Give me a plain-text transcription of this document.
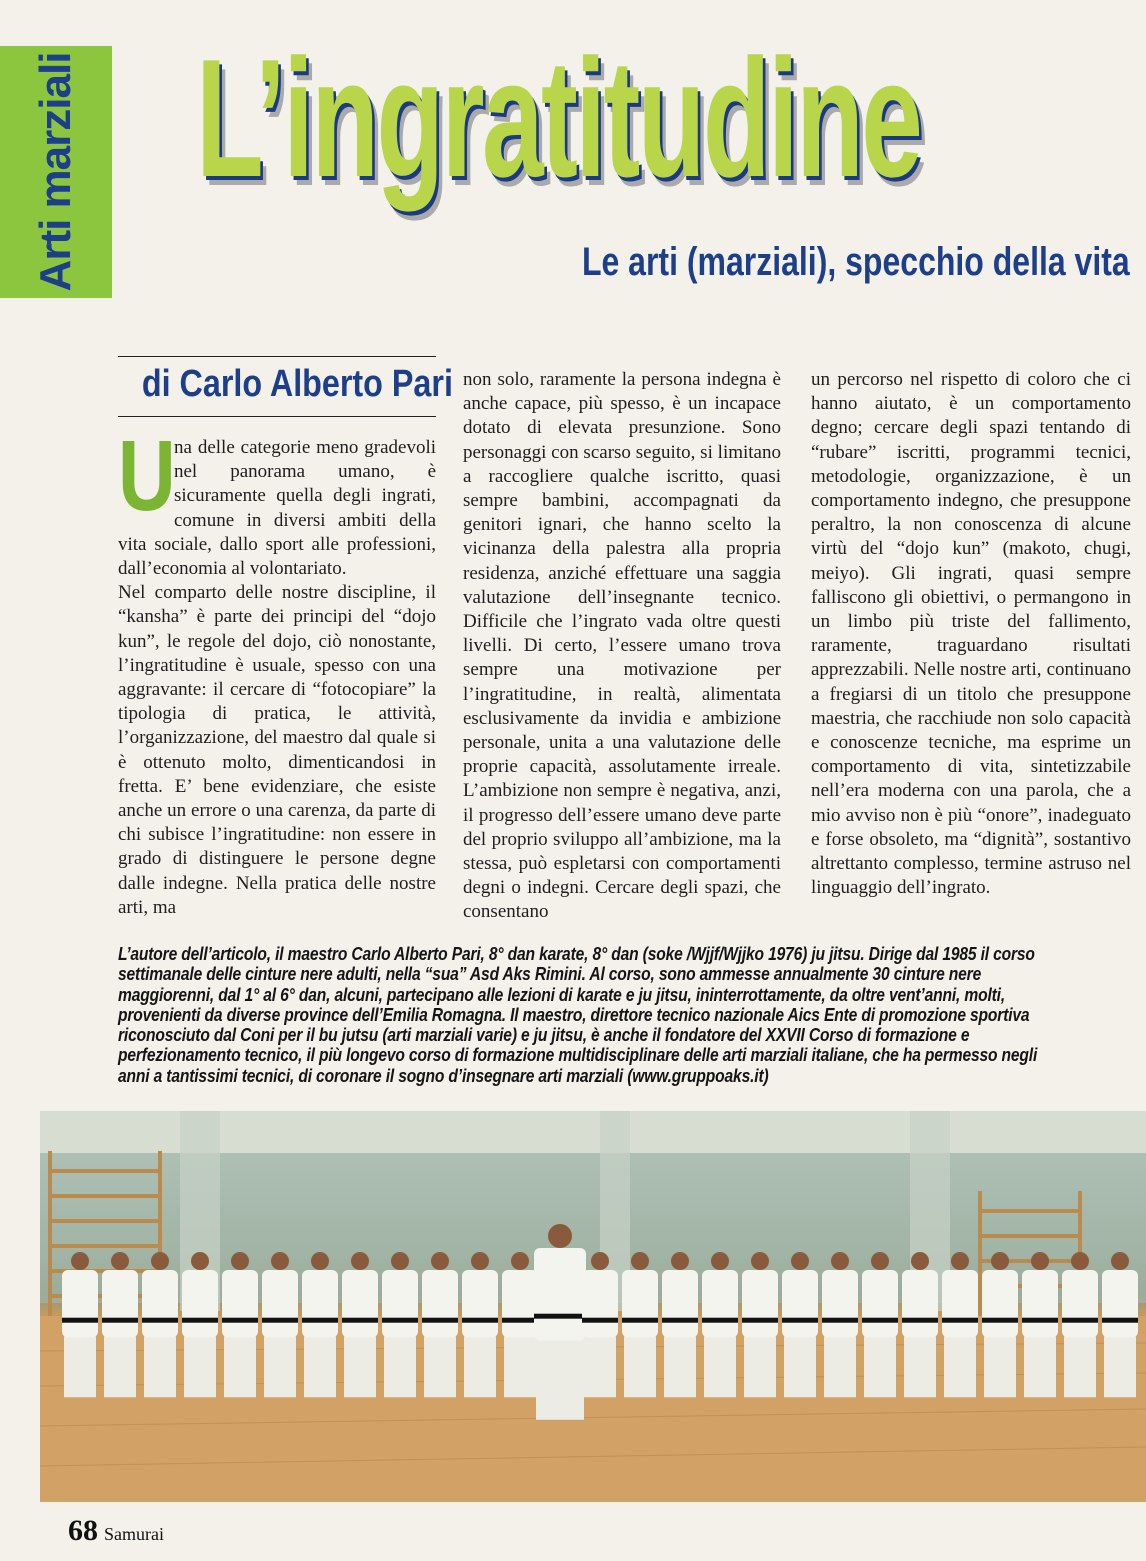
Arti marziali L’ingratitudine
Le arti (marziali), specchio della vita

di Carlo Alberto Pari

U

na delle categorie meno gradevoli nel panorama umano, è sicuramente quella degli ingrati, comune in diversi ambiti della vita sociale, dallo sport alle professioni, dall’economia al volontariato.

Nel comparto delle nostre discipline, il “kansha” è parte dei principi del “dojo kun”, le regole del dojo, ciò nonostante, l’ingratitudine è usuale, spesso con una aggravante: il cercare di “fotocopiare” la tipologia di pratica, le attività, l’organizzazione, del maestro dal quale si è ottenuto molto, dimenticandosi in fretta. E’ bene evidenziare, che esiste anche un errore o una carenza, da parte di chi subisce l’ingratitudine: non essere in grado di distinguere le persone degne dalle indegne. Nella pratica delle nostre arti, ma

non solo, raramente la persona indegna è anche capace, più spesso, è un incapace dotato di elevata presunzione. Sono personaggi con scarso seguito, si limitano a raccogliere qualche iscritto, quasi sempre bambini, accompagnati da genitori ignari, che hanno scelto la vicinanza della palestra alla propria residenza, anziché effettuare una saggia valutazione dell’insegnante tecnico. Difficile che l’ingrato vada oltre questi livelli. Di certo, l’essere umano trova sempre una motivazione per l’ingratitudine, in realtà, alimentata esclusivamente da invidia e ambizione personale, unita a una valutazione delle proprie capacità, assolutamente irreale. L’ambizione non sempre è negativa, anzi, il progresso dell’essere umano deve parte del proprio sviluppo all’ambizione, ma la stessa, può espletarsi con comportamenti degni o indegni. Cercare degli spazi, che consentano

un percorso nel rispetto di coloro che ci hanno aiutato, è un comportamento degno; cercare degli spazi tentando di “rubare” iscritti, programmi tecnici, metodologie, organizzazione, è un comportamento indegno, che presuppone peraltro, la non conoscenza di alcune virtù del “dojo kun” (makoto, chugi, meiyo). Gli ingrati, quasi sempre falliscono gli obiettivi, o permangono in un limbo più triste del fallimento, raramente, traguardano risultati apprezzabili. Nelle nostre arti, continuano a fregiarsi di un titolo che presuppone maestria, che racchiude non solo capacità e conoscenze tecniche, ma esprime un comportamento di vita, sintetizzabile nell’era moderna con una parola, che a mio avviso non è più “onore”, inadeguato e forse obsoleto, ma “dignità”, sostantivo altrettanto complesso, termine astruso nel linguaggio dell’ingrato.

L’autore dell’articolo, il maestro Carlo Alberto Pari, 8° dan karate, 8° dan (soke /Wjjf/Wjjko 1976) ju jitsu. Dirige dal 1985 il corso settimanale delle cinture nere adulti, nella “sua” Asd Aks Rimini. Al corso, sono ammesse annualmente 30 cinture nere maggiorenni, dal 1° al 6° dan, alcuni, partecipano alle lezioni di karate e ju jitsu, ininterrottamente, da oltre vent’anni, molti, provenienti da diverse province dell’Emilia Romagna. Il maestro, direttore tecnico nazionale Aics Ente di promozione sportiva riconosciuto dal Coni per il bu jutsu (arti marziali varie) e ju jitsu, è anche il fondatore del XXVII Corso di formazione e perfezionamento tecnico, il più longevo corso di formazione multidisciplinare delle arti marziali italiane, che ha permesso negli anni a tantissimi tecnici, di coronare il sogno d’insegnare arti marziali (www.gruppoaks.it)

68 Samurai
